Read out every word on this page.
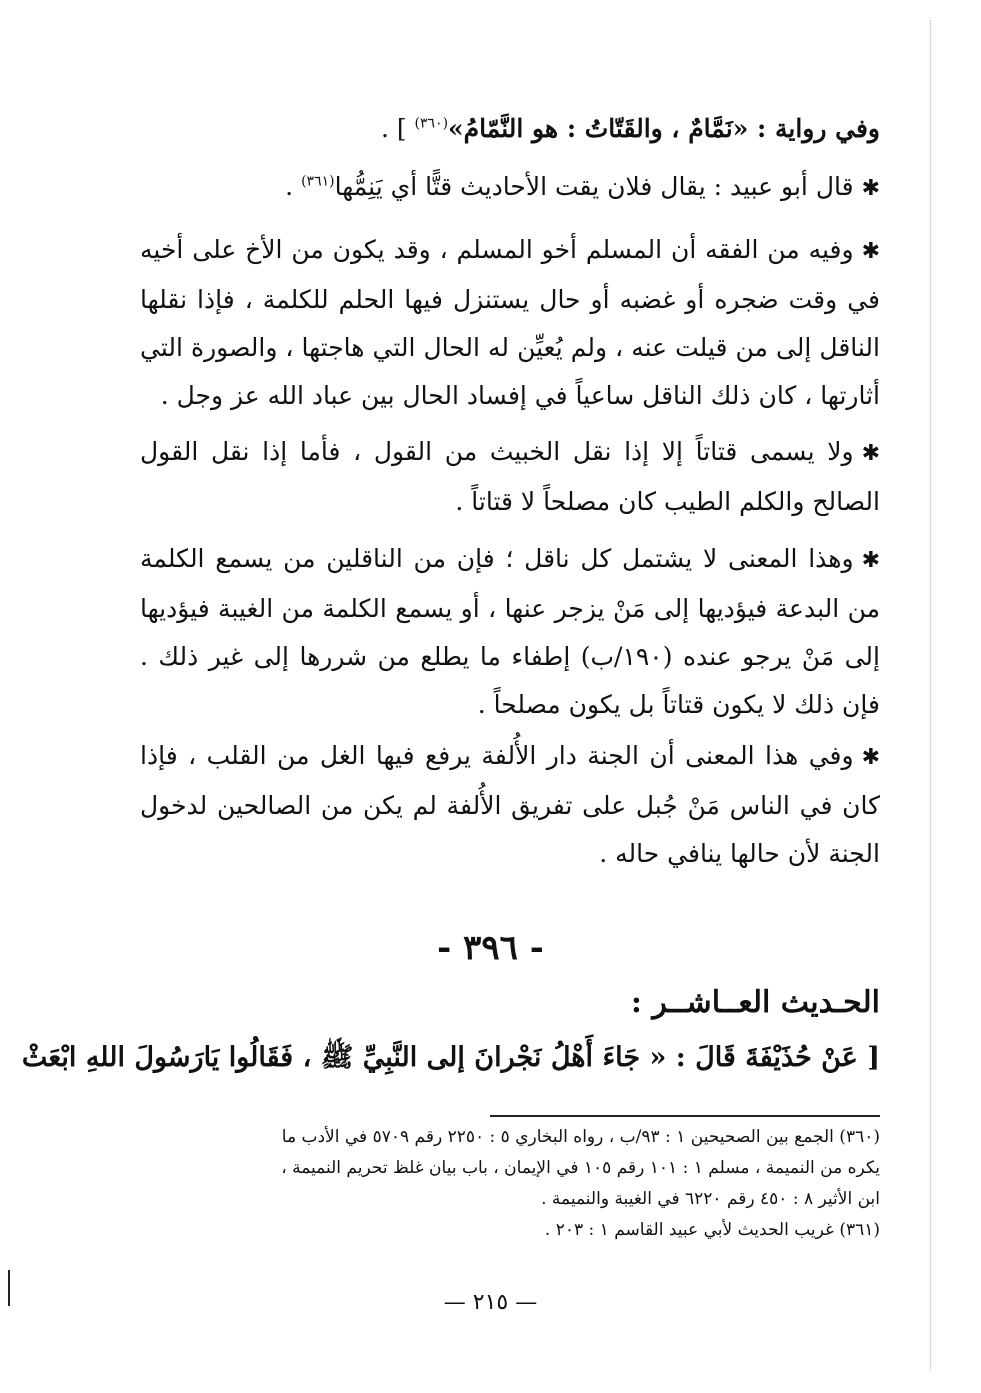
وفي رواية : «نَمَّامٌ ، والقَتّاتُ : هو النَّمّامُ»$^{(٣٦٠)}$ ] .

✱قال أبو عبيد : يقال فلان يقت الأحاديث قتًّا أي يَنِمُّها$^{(٣٦١)}$ .

✱وفيه من الفقه أن المسلم أخو المسلم ، وقد يكون من الأخ على أخيه في وقت ضجره أو غضبه أو حال يستنزل فيها الحلم للكلمة ، فإذا نقلها الناقل إلى من قيلت عنه ، ولم يُعيِّن له الحال التي هاجتها ، والصورة التي أثارتها ، كان ذلك الناقل ساعياً في إفساد الحال بين عباد الله عز وجل .

✱ولا يسمى قتاتاً إلا إذا نقل الخبيث من القول ، فأما إذا نقل القول الصالح والكلم الطيب كان مصلحاً لا قتاتاً .

✱وهذا المعنى لا يشتمل كل ناقل ؛ فإن من الناقلين من يسمع الكلمة من البدعة فيؤديها إلى مَنْ يزجر عنها ، أو يسمع الكلمة من الغيبة فيؤديها إلى مَنْ يرجو عنده (١٩٠/ب) إطفاء ما يطلع من شررها إلى غير ذلك . فإن ذلك لا يكون قتاتاً بل يكون مصلحاً .

✱وفي هذا المعنى أن الجنة دار الأُلفة يرفع فيها الغل من القلب ، فإذا كان في الناس مَنْ جُبل على تفريق الأُلفة لم يكن من الصالحين لدخول الجنة لأن حالها ينافي حاله .

- ٣٩٦ -
الحـديث العــاشــر :
[ عَنْ حُذَيْفَةَ قَالَ : « جَاءَ أَهْلُ نَجْرانَ إلى النَّبِيِّ ﷺ ، فَقَالُوا يَارَسُولَ اللهِ ابْعَثْ

(٣٦٠) الجمع بين الصحيحين ١ : ٩٣/ب ، رواه البخاري ٥ : ٢٢٥٠ رقم ٥٧٠٩ في الأدب ما

يكره من النميمة ، مسلم ١ : ١٠١ رقم ١٠٥ في الإيمان ، باب بيان غلظ تحريم النميمة ،

ابن الأثير ٨ : ٤٥٠ رقم ٦٢٢٠ في الغيبة والنميمة .

(٣٦١) غريب الحديث لأبي عبيد القاسم ١ : ٢٠٣ .

— ٢١٥ —
